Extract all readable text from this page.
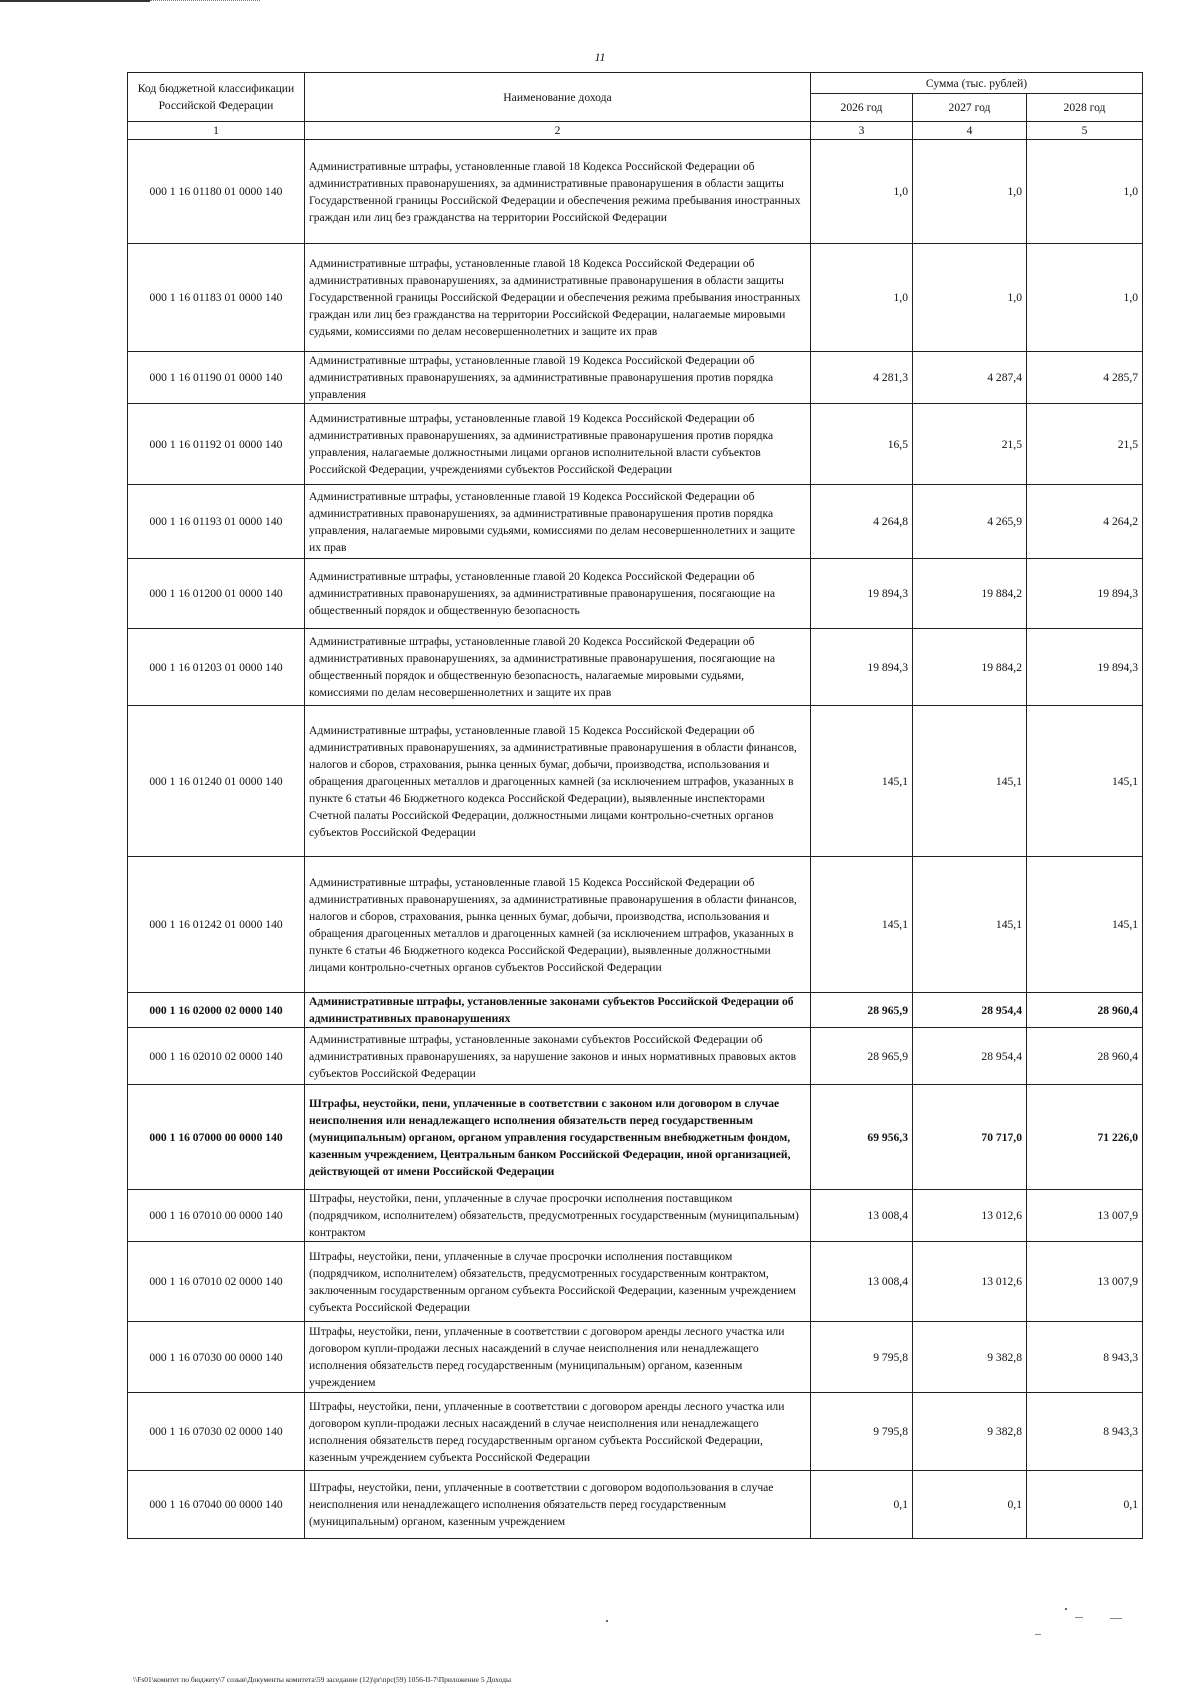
11
Код бюджетной классификации Российской Федерации	Наименование дохода	Сумма (тыс. рублей)		
		2026 год	2027 год	2028 год
1	2	3	4	5
000 1 16 01180 01 0000 140	Административные штрафы, установленные главой 18 Кодекса Российской Федерации об административных правонарушениях, за административные правонарушения в области защиты Государственной границы Российской Федерации и обеспечения режима пребывания иностранных граждан или лиц без гражданства на территории Российской Федерации	1,0	1,0	1,0
000 1 16 01183 01 0000 140	Административные штрафы, установленные главой 18 Кодекса Российской Федерации об административных правонарушениях, за административные правонарушения в области защиты Государственной границы Российской Федерации и обеспечения режима пребывания иностранных граждан или лиц без гражданства на территории Российской Федерации, налагаемые мировыми судьями, комиссиями по делам несовершеннолетних и защите их прав	1,0	1,0	1,0
000 1 16 01190 01 0000 140	Административные штрафы, установленные главой 19 Кодекса Российской Федерации об административных правонарушениях, за административные правонарушения против порядка управления	4 281,3	4 287,4	4 285,7
000 1 16 01192 01 0000 140	Административные штрафы, установленные главой 19 Кодекса Российской Федерации об административных правонарушениях, за административные правонарушения против порядка управления, налагаемые должностными лицами органов исполнительной власти субъектов Российской Федерации, учреждениями субъектов Российской Федерации	16,5	21,5	21,5
000 1 16 01193 01 0000 140	Административные штрафы, установленные главой 19 Кодекса Российской Федерации об административных правонарушениях, за административные правонарушения против порядка управления, налагаемые мировыми судьями, комиссиями по делам несовершеннолетних и защите их прав	4 264,8	4 265,9	4 264,2
000 1 16 01200 01 0000 140	Административные штрафы, установленные главой 20 Кодекса Российской Федерации об административных правонарушениях, за административные правонарушения, посягающие на общественный порядок и общественную безопасность	19 894,3	19 884,2	19 894,3
000 1 16 01203 01 0000 140	Административные штрафы, установленные главой 20 Кодекса Российской Федерации об административных правонарушениях, за административные правонарушения, посягающие на общественный порядок и общественную безопасность, налагаемые мировыми судьями, комиссиями по делам несовершеннолетних и защите их прав	19 894,3	19 884,2	19 894,3
000 1 16 01240 01 0000 140	Административные штрафы, установленные главой 15 Кодекса Российской Федерации об административных правонарушениях, за административные правонарушения в области финансов, налогов и сборов, страхования, рынка ценных бумаг, добычи, производства, использования и обращения драгоценных металлов и драгоценных камней (за исключением штрафов, указанных в пункте 6 статьи 46 Бюджетного кодекса Российской Федерации), выявленные инспекторами Счетной палаты Российской Федерации, должностными лицами контрольно-счетных органов субъектов Российской Федерации	145,1	145,1	145,1
000 1 16 01242 01 0000 140	Административные штрафы, установленные главой 15 Кодекса Российской Федерации об административных правонарушениях, за административные правонарушения в области финансов, налогов и сборов, страхования, рынка ценных бумаг, добычи, производства, использования и обращения драгоценных металлов и драгоценных камней (за исключением штрафов, указанных в пункте 6 статьи 46 Бюджетного кодекса Российской Федерации), выявленные должностными лицами контрольно-счетных органов субъектов Российской Федерации	145,1	145,1	145,1
000 1 16 02000 02 0000 140	Административные штрафы, установленные законами субъектов Российской Федерации об административных правонарушениях	28 965,9	28 954,4	28 960,4
000 1 16 02010 02 0000 140	Административные штрафы, установленные законами субъектов Российской Федерации об административных правонарушениях, за нарушение законов и иных нормативных правовых актов субъектов Российской Федерации	28 965,9	28 954,4	28 960,4
000 1 16 07000 00 0000 140	Штрафы, неустойки, пени, уплаченные в соответствии с законом или договором в случае неисполнения или ненадлежащего исполнения обязательств перед государственным (муниципальным) органом, органом управления государственным внебюджетным фондом, казенным учреждением, Центральным банком Российской Федерации, иной организацией, действующей от имени Российской Федерации	69 956,3	70 717,0	71 226,0
000 1 16 07010 00 0000 140	Штрафы, неустойки, пени, уплаченные в случае просрочки исполнения поставщиком (подрядчиком, исполнителем) обязательств, предусмотренных государственным (муниципальным) контрактом	13 008,4	13 012,6	13 007,9
000 1 16 07010 02 0000 140	Штрафы, неустойки, пени, уплаченные в случае просрочки исполнения поставщиком (подрядчиком, исполнителем) обязательств, предусмотренных государственным контрактом, заключенным государственным органом субъекта Российской Федерации, казенным учреждением субъекта Российской Федерации	13 008,4	13 012,6	13 007,9
000 1 16 07030 00 0000 140	Штрафы, неустойки, пени, уплаченные в соответствии с договором аренды лесного участка или договором купли-продажи лесных насаждений в случае неисполнения или ненадлежащего исполнения обязательств перед государственным (муниципальным) органом, казенным учреждением	9 795,8	9 382,8	8 943,3
000 1 16 07030 02 0000 140	Штрафы, неустойки, пени, уплаченные в соответствии с договором аренды лесного участка или договором купли-продажи лесных насаждений в случае неисполнения или ненадлежащего исполнения обязательств перед государственным органом субъекта Российской Федерации, казенным учреждением субъекта Российской Федерации	9 795,8	9 382,8	8 943,3
000 1 16 07040 00 0000 140	Штрафы, неустойки, пени, уплаченные в соответствии с договором водопользования в случае неисполнения или ненадлежащего исполнения обязательств перед государственным (муниципальным) органом, казенным учреждением	0,1	0,1	0,1
\\Fs01\комитет по бюджету\7 созыв\Документы комитета\59 заседание (12)\pr\прс(59) 1056-II-7\Приложение 5 Доходы
